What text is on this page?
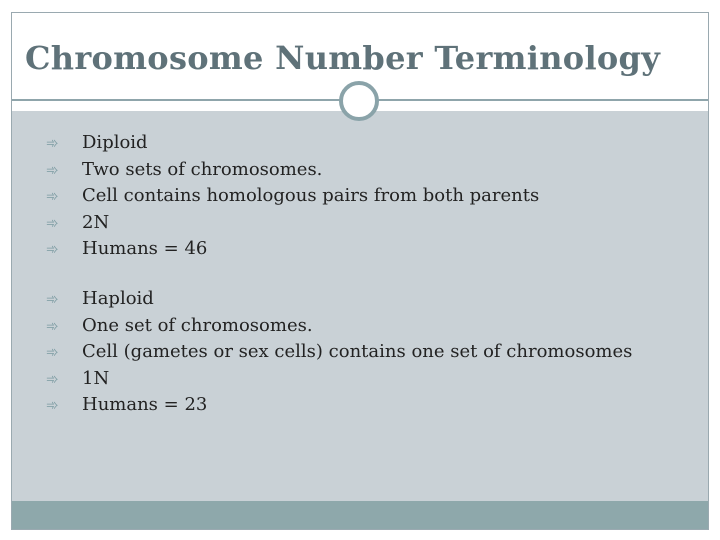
Chromosome Number Terminology
➾	Diploid
➾	Two sets of chromosomes.
➾	Cell contains homologous pairs from both parents
➾	2N
➾	Humans = 46
➾	Haploid
➾	One set of chromosomes.
➾	Cell (gametes or sex cells) contains one set of chromosomes
➾	1N
➾	Humans = 23
